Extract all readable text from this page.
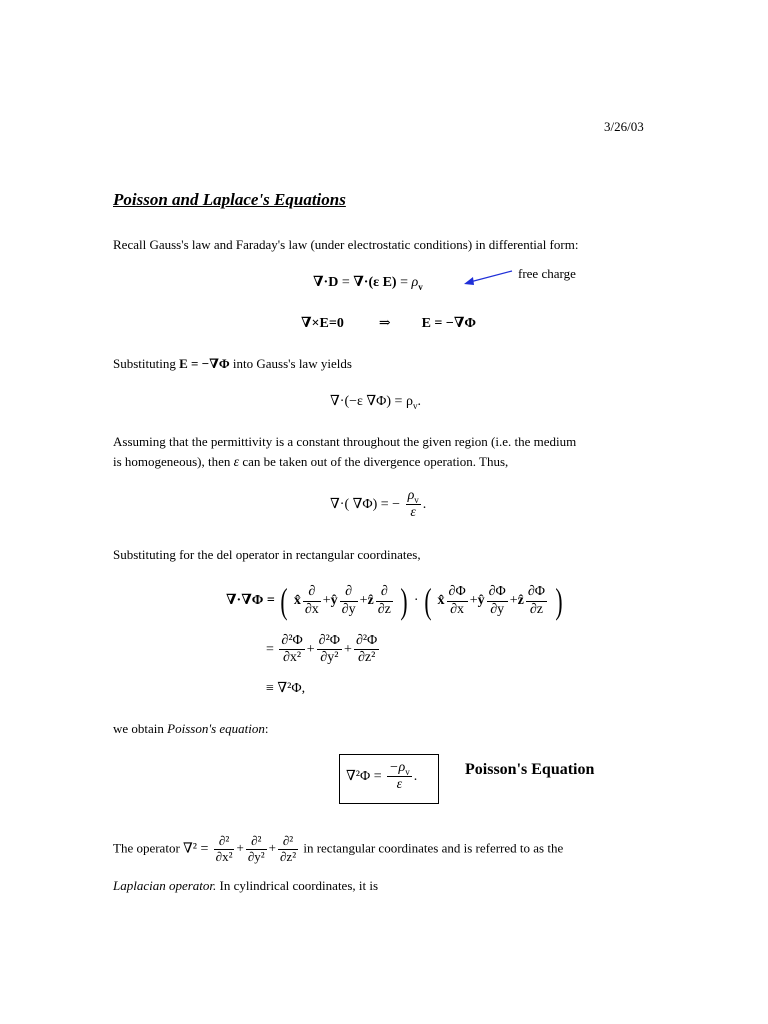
3/26/03
Poisson and Laplace's Equations
Recall Gauss's law and Faraday's law (under electrostatic conditions) in differential form:
∇·D = ∇·(ε $E) = \rho_v$
free charge
∇×E=0	⇒ E = −∇Φ
Substituting E = −∇Φ into Gauss's law yields
∇·(−ε $\nabla\Phi) = \rho_v$.
Assuming that the permittivity is a constant throughout the given region (i.e. the medium
is homogeneous), then ε can be taken out of the divergence operation. Thus,
∇·( ∇Φ) = − $\frac{\rho_v}{\varepsilon}$ .
Substituting for the del operator in rectangular coordinates,
∇·∇Φ = ( x̂ $\frac{\partial}{\partial x}$ +ŷ $\frac{\partial}{\partial y}$ +ẑ $\frac{\partial}{\partial z}$ ) · ( x̂ $\frac{\partial\Phi}{\partial x}$ +ŷ $\frac{\partial\Phi}{\partial y}$ +ẑ $\frac{\partial\Phi}{\partial z}$ )
= $\frac{\text{∂²Φ}}{\text{∂x²}} + \frac{\text{∂²Φ}}{\text{∂y²}} + \frac{\text{∂²Φ}}{\text{∂z²}}$
≡ ∇²Φ,
we obtain Poisson's equation:
$\nabla^2\Phi = \frac{-\rho_v}{\varepsilon}$ .	Poisson's Equation
The operator $\nabla^2 = \frac{\text{∂²}}{\text{∂x²}} + \frac{\text{∂²}}{\text{∂y²}} + \frac{\text{∂²}}{\text{∂z²}}$ in rectangular coordinates and is referred to as the
Laplacian operator. In cylindrical coordinates, it is
